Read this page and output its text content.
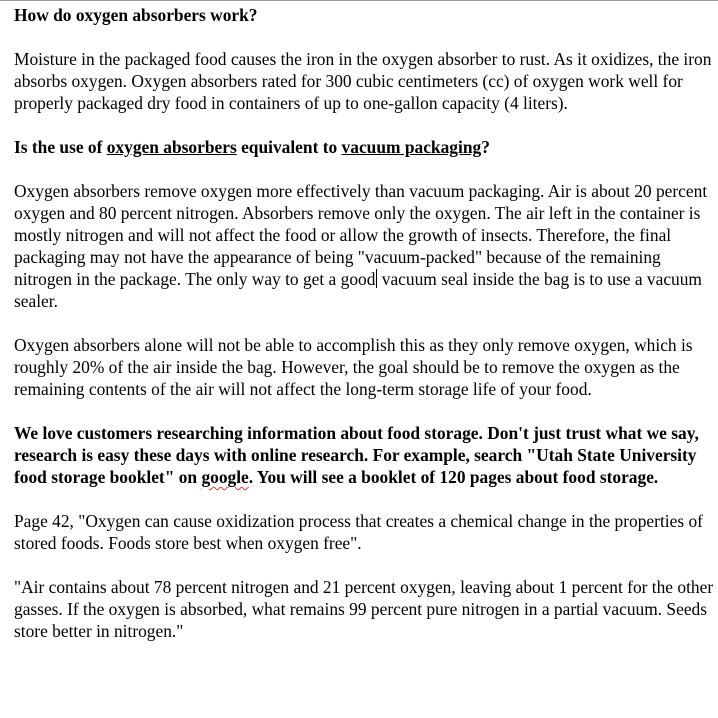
How do oxygen absorbers work?

Moisture in the packaged food causes the iron in the oxygen absorber to rust. As it oxidizes, the iron absorbs oxygen. Oxygen absorbers rated for 300 cubic centimeters (cc) of oxygen work well for properly packaged dry food in containers of up to one-gallon capacity (4 liters).

Is the use of oxygen absorbers equivalent to vacuum packaging?

Oxygen absorbers remove oxygen more effectively than vacuum packaging. Air is about 20 percent oxygen and 80 percent nitrogen. Absorbers remove only the oxygen. The air left in the container is mostly nitrogen and will not affect the food or allow the growth of insects. Therefore, the final packaging may not have the appearance of being "vacuum-packed" because of the remaining nitrogen in the package. The only way to get a good vacuum seal inside the bag is to use a vacuum sealer.

Oxygen absorbers alone will not be able to accomplish this as they only remove oxygen, which is roughly 20% of the air inside the bag. However, the goal should be to remove the oxygen as the remaining contents of the air will not affect the long-term storage life of your food.

We love customers researching information about food storage. Don't just trust what we say, research is easy these days with online research. For example, search "Utah State University food storage booklet" on google. You will see a booklet of 120 pages about food storage.

Page 42, "Oxygen can cause oxidization process that creates a chemical change in the properties of stored foods. Foods store best when oxygen free".

"Air contains about 78 percent nitrogen and 21 percent oxygen, leaving about 1 percent for the other gasses. If the oxygen is absorbed, what remains 99 percent pure nitrogen in a partial vacuum. Seeds store better in nitrogen."
